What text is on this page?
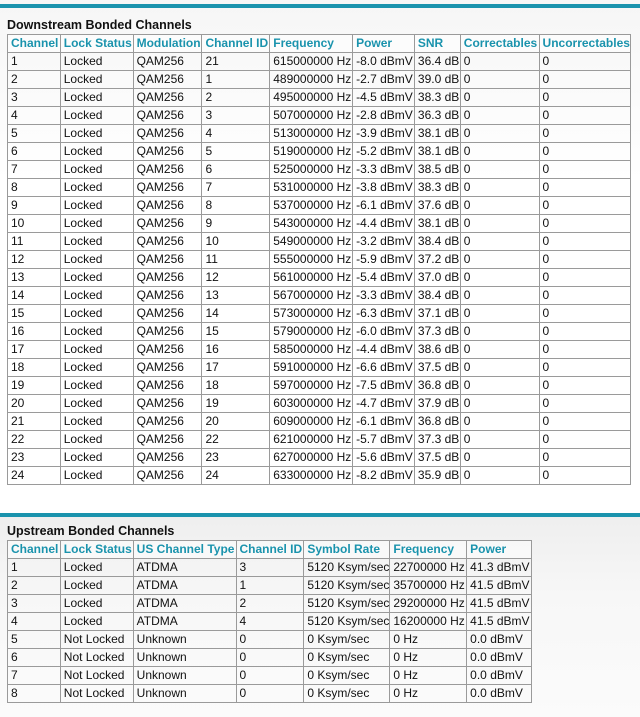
Downstream Bonded Channels
Channel	Lock Status	Modulation	Channel ID	Frequency	Power	SNR	Correctables	Uncorrectables
1	Locked	QAM256	21	615000000 Hz	-8.0 dBmV	36.4 dB	0	0
2	Locked	QAM256	1	489000000 Hz	-2.7 dBmV	39.0 dB	0	0
3	Locked	QAM256	2	495000000 Hz	-4.5 dBmV	38.3 dB	0	0
4	Locked	QAM256	3	507000000 Hz	-2.8 dBmV	36.3 dB	0	0
5	Locked	QAM256	4	513000000 Hz	-3.9 dBmV	38.1 dB	0	0
6	Locked	QAM256	5	519000000 Hz	-5.2 dBmV	38.1 dB	0	0
7	Locked	QAM256	6	525000000 Hz	-3.3 dBmV	38.5 dB	0	0
8	Locked	QAM256	7	531000000 Hz	-3.8 dBmV	38.3 dB	0	0
9	Locked	QAM256	8	537000000 Hz	-6.1 dBmV	37.6 dB	0	0
10	Locked	QAM256	9	543000000 Hz	-4.4 dBmV	38.1 dB	0	0
11	Locked	QAM256	10	549000000 Hz	-3.2 dBmV	38.4 dB	0	0
12	Locked	QAM256	11	555000000 Hz	-5.9 dBmV	37.2 dB	0	0
13	Locked	QAM256	12	561000000 Hz	-5.4 dBmV	37.0 dB	0	0
14	Locked	QAM256	13	567000000 Hz	-3.3 dBmV	38.4 dB	0	0
15	Locked	QAM256	14	573000000 Hz	-6.3 dBmV	37.1 dB	0	0
16	Locked	QAM256	15	579000000 Hz	-6.0 dBmV	37.3 dB	0	0
17	Locked	QAM256	16	585000000 Hz	-4.4 dBmV	38.6 dB	0	0
18	Locked	QAM256	17	591000000 Hz	-6.6 dBmV	37.5 dB	0	0
19	Locked	QAM256	18	597000000 Hz	-7.5 dBmV	36.8 dB	0	0
20	Locked	QAM256	19	603000000 Hz	-4.7 dBmV	37.9 dB	0	0
21	Locked	QAM256	20	609000000 Hz	-6.1 dBmV	36.8 dB	0	0
22	Locked	QAM256	22	621000000 Hz	-5.7 dBmV	37.3 dB	0	0
23	Locked	QAM256	23	627000000 Hz	-5.6 dBmV	37.5 dB	0	0
24	Locked	QAM256	24	633000000 Hz	-8.2 dBmV	35.9 dB	0	0
Upstream Bonded Channels
Channel	Lock Status	US Channel Type	Channel ID	Symbol Rate	Frequency	Power
1	Locked	ATDMA	3	5120 Ksym/sec	22700000 Hz	41.3 dBmV
2	Locked	ATDMA	1	5120 Ksym/sec	35700000 Hz	41.5 dBmV
3	Locked	ATDMA	2	5120 Ksym/sec	29200000 Hz	41.5 dBmV
4	Locked	ATDMA	4	5120 Ksym/sec	16200000 Hz	41.5 dBmV
5	Not Locked	Unknown	0	0 Ksym/sec	0 Hz	0.0 dBmV
6	Not Locked	Unknown	0	0 Ksym/sec	0 Hz	0.0 dBmV
7	Not Locked	Unknown	0	0 Ksym/sec	0 Hz	0.0 dBmV
8	Not Locked	Unknown	0	0 Ksym/sec	0 Hz	0.0 dBmV
